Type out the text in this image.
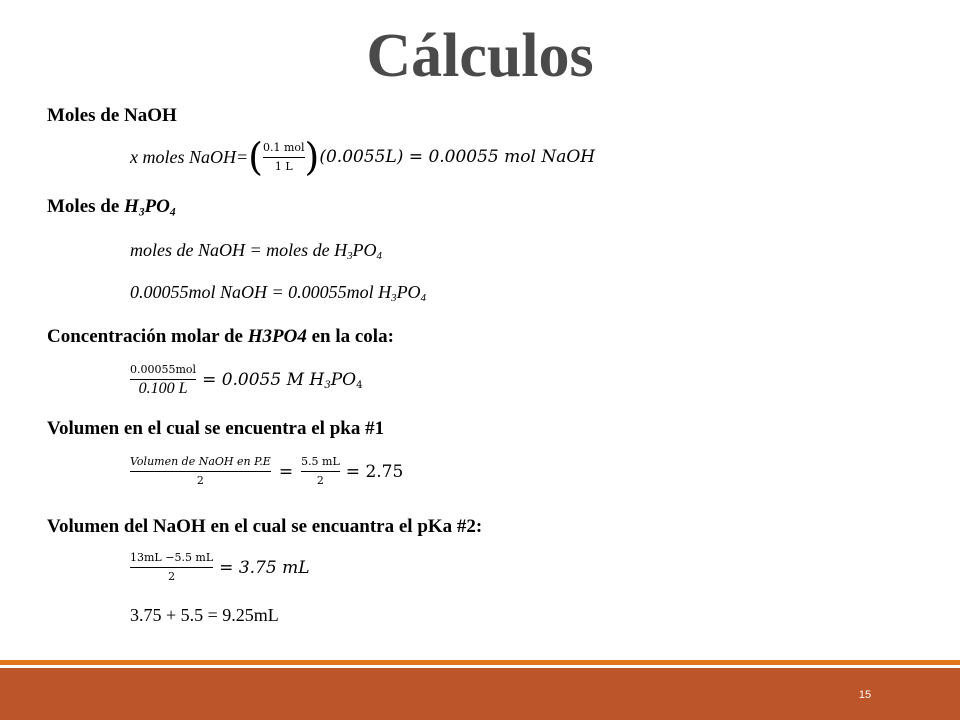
Cálculos
Moles de NaOH
x moles NaOH= ( $\frac{\text{0.1 mol}}{1 L}$ ) (0.0055L) = 0.00055 mol NaOH
Moles de $H_3PO_4$
moles de NaOH = moles de $H_3PO_4$
0.00055mol NaOH = 0.00055mol $H_3PO_4$
Concentración molar de H3PO4 en la cola:
$\frac{\text{0.00055mol}}{0.100 L} = 0.0055$ M $H_3PO_4$
Volumen en el cual se encuentra el pka #1
$\frac{\text{Volumen de NaOH en P.E}}{2} = \frac{5.5 mL}{2} = 2.75$
Volumen del NaOH en el cual se encuantra el pKa #2:
$\frac{13mL -5.5 mL}{2} = 3.75$ mL
3.75 + 5.5 = 9.25mL
15
